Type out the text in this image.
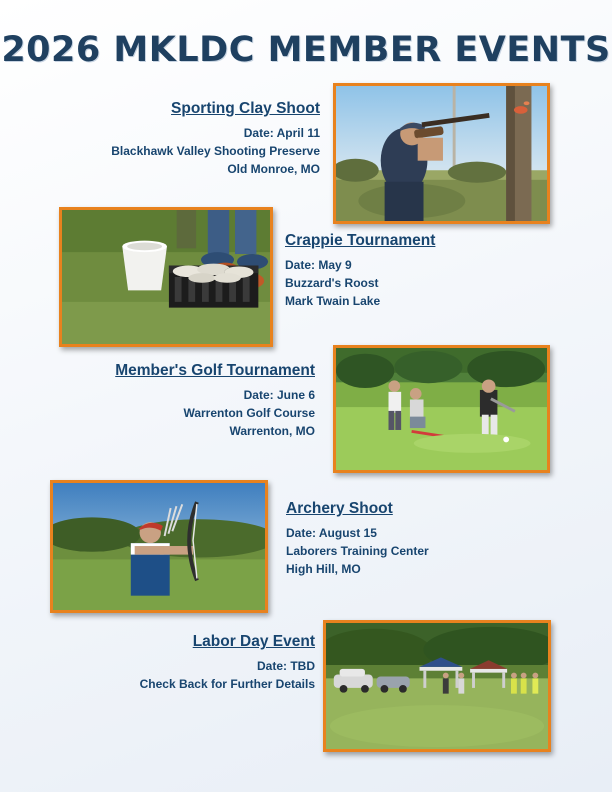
2026 MKLDC MEMBER EVENTS
Sporting Clay Shoot
Date: April 11
Blackhawk Valley Shooting Preserve
Old Monroe, MO
Crappie Tournament
Date: May 9
Buzzard's Roost
Mark Twain Lake
Member's Golf Tournament
Date: June 6
Warrenton Golf Course
Warrenton, MO
Archery Shoot
Date: August 15
Laborers Training Center
High Hill, MO
Labor Day Event
Date: TBD
Check Back for Further Details
